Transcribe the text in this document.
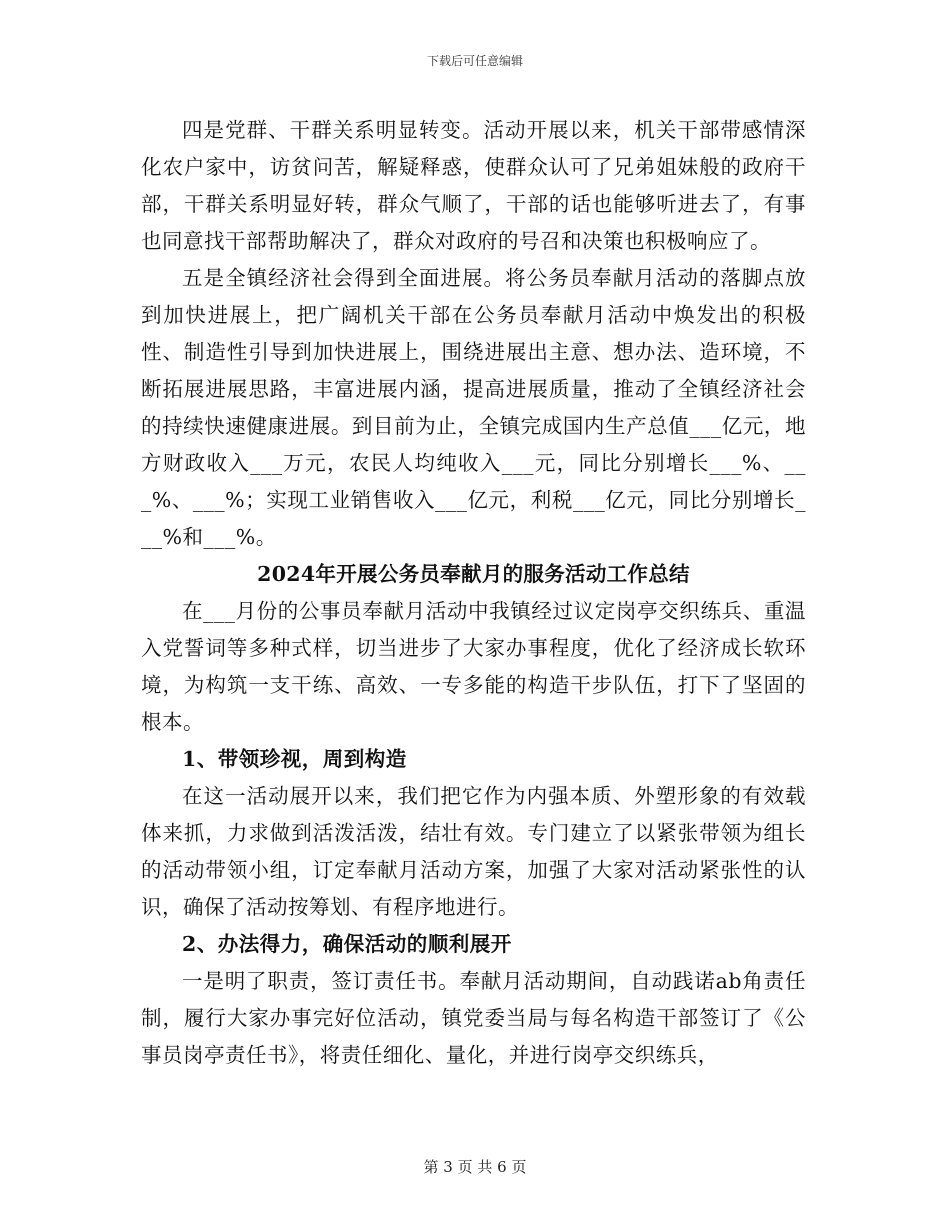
下载后可任意编辑

四是党群、干群关系明显转变。活动开展以来，机关干部带感情深化农户家中，访贫问苦，解疑释惑，使群众认可了兄弟姐妹般的政府干部，干群关系明显好转，群众气顺了，干部的话也能够听进去了，有事也同意找干部帮助解决了，群众对政府的号召和决策也积极响应了。

五是全镇经济社会得到全面进展。将公务员奉献月活动的落脚点放到加快进展上，把广阔机关干部在公务员奉献月活动中焕发出的积极性、制造性引导到加快进展上，围绕进展出主意、想办法、造环境，不断拓展进展思路，丰富进展内涵，提高进展质量，推动了全镇经济社会的持续快速健康进展。到目前为止，全镇完成国内生产总值___亿元，地方财政收入___万元，农民人均纯收入___元，同比分别增长___%、___%、___%；实现工业销售收入___亿元，利税___亿元，同比分别增长___%和___%。

2024年开展公务员奉献月的服务活动工作总结

在___月份的公事员奉献月活动中我镇经过议定岗亭交织练兵、重温入党誓词等多种式样，切当进步了大家办事程度，优化了经济成长软环境，为构筑一支干练、高效、一专多能的构造干步队伍，打下了坚固的根本。

1、带领珍视，周到构造

在这一活动展开以来，我们把它作为内强本质、外塑形象的有效载体来抓，力求做到活泼活泼，结壮有效。专门建立了以紧张带领为组长的活动带领小组，订定奉献月活动方案，加强了大家对活动紧张性的认识，确保了活动按筹划、有程序地进行。

2、办法得力，确保活动的顺利展开

一是明了职责，签订责任书。奉献月活动期间，自动践诺ab角责任制，履行大家办事完好位活动，镇党委当局与每名构造干部签订了《公事员岗亭责任书》，将责任细化、量化，并进行岗亭交织练兵，

第 3 页 共 6 页
